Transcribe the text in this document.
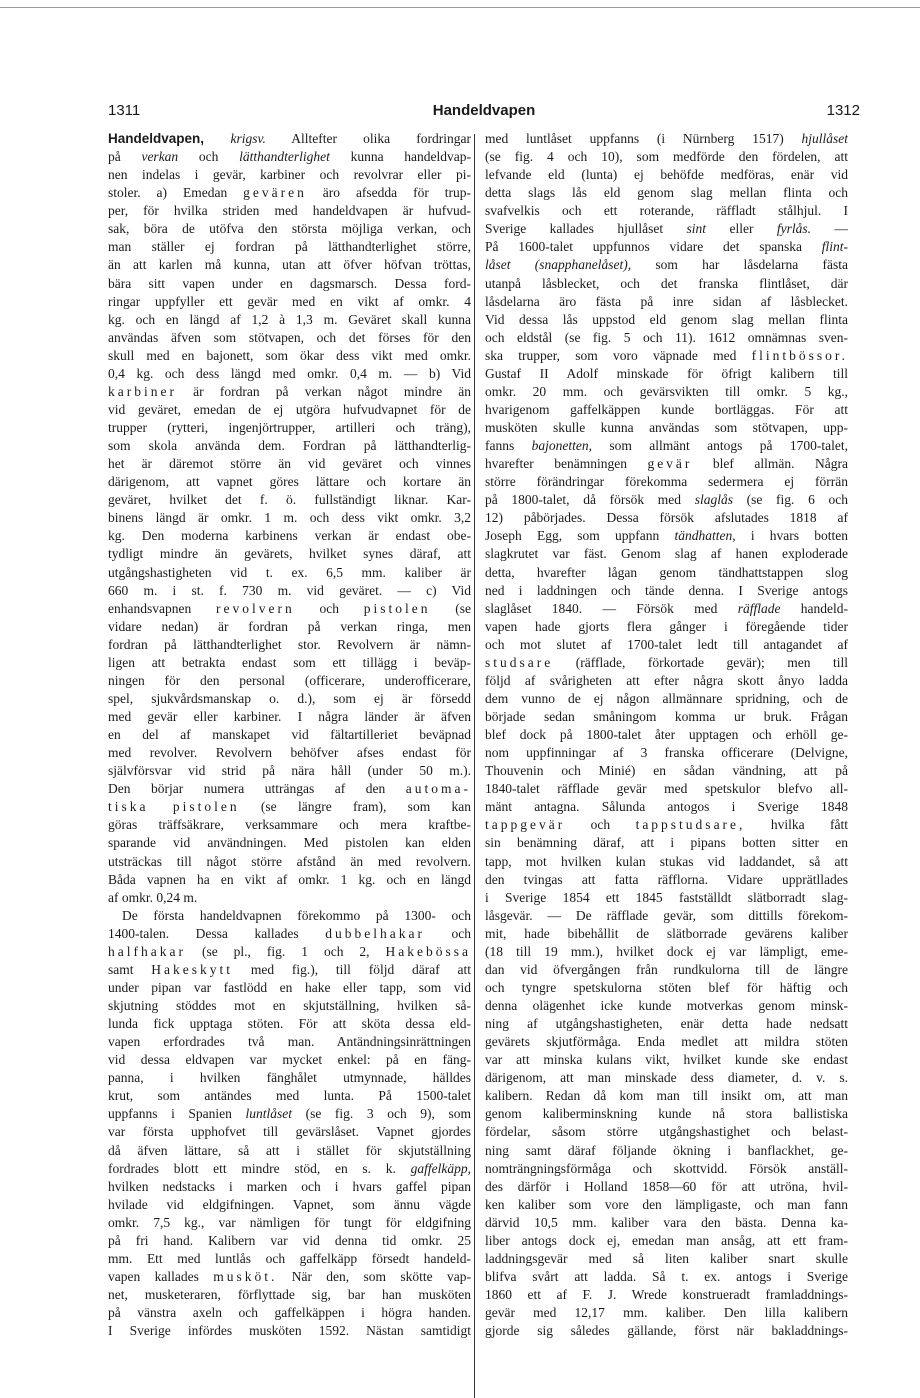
1311	Handeldvapen	1312
Handeldvapen, krigsv. Alltefter olika fordringar
på verkan och lätthandterlighet kunna handeldvap-
nen indelas i gevär, karbiner och revolvrar eller pi-
stoler. a) Emedan gevären äro afsedda för trup-
per, för hvilka striden med handeldvapen är hufvud-
sak, böra de utöfva den största möjliga verkan, och
man ställer ej fordran på lätthandterlighet större,
än att karlen må kunna, utan att öfver höfvan tröttas,
bära sitt vapen under en dagsmarsch. Dessa ford-
ringar uppfyller ett gevär med en vikt af omkr. 4
kg. och en längd af 1,2 à 1,3 m. Geväret skall kunna
användas äfven som stötvapen, och det förses för den
skull med en bajonett, som ökar dess vikt med omkr.
0,4 kg. och dess längd med omkr. 0,4 m. — b) Vid
karbiner är fordran på verkan något mindre än
vid geväret, emedan de ej utgöra hufvudvapnet för de
trupper (rytteri, ingenjörtrupper, artilleri och träng),
som skola använda dem. Fordran på lätthandterlig-
het är däremot större än vid geväret och vinnes
därigenom, att vapnet göres lättare och kortare än
geväret, hvilket det f. ö. fullständigt liknar. Kar-
binens längd är omkr. 1 m. och dess vikt omkr. 3,2
kg. Den moderna karbinens verkan är endast obe-
tydligt mindre än gevärets, hvilket synes däraf, att
utgångshastigheten vid t. ex. 6,5 mm. kaliber är
660 m. i st. f. 730 m. vid geväret. — c) Vid
enhandsvapnen revolvern och pistolen (se
vidare nedan) är fordran på verkan ringa, men
fordran på lätthandterlighet stor. Revolvern är nämn-
ligen att betrakta endast som ett tillägg i beväp-
ningen för den personal (officerare, underofficerare,
spel, sjukvårdsmanskap o. d.), som ej är försedd
med gevär eller karbiner. I några länder är äfven
en del af manskapet vid fältartilleriet beväpnad
med revolver. Revolvern behöfver afses endast för
självförsvar vid strid på nära håll (under 50 m.).
Den börjar numera utträngas af den automa-
tiska pistolen (se längre fram), som kan
göras träffsäkrare, verksammare och mera kraftbe-
sparande vid användningen. Med pistolen kan elden
utsträckas till något större afstånd än med revolvern.
Båda vapnen ha en vikt af omkr. 1 kg. och en längd
af omkr. 0,24 m.
De första handeldvapnen förekommo på 1300- och
1400-talen. Dessa kallades dubbelhakar och
halfhakar (se pl., fig. 1 och 2, Hakebössa
samt Hakeskytt med fig.), till följd däraf att
under pipan var fastlödd en hake eller tapp, som vid
skjutning stöddes mot en skjutställning, hvilken så-
lunda fick upptaga stöten. För att sköta dessa eld-
vapen erfordrades två man. Antändningsinrättningen
vid dessa eldvapen var mycket enkel: på en fäng-
panna, i hvilken fänghålet utmynnade, hälldes
krut, som antändes med lunta. På 1500-talet
uppfanns i Spanien luntlåset (se fig. 3 och 9), som
var första upphofvet till gevärslåset. Vapnet gjordes
då äfven lättare, så att i stället för skjutställning
fordrades blott ett mindre stöd, en s. k. gaffelkäpp,
hvilken nedstacks i marken och i hvars gaffel pipan
hvilade vid eldgifningen. Vapnet, som ännu vägde
omkr. 7,5 kg., var nämligen för tungt för eldgifning
på fri hand. Kalibern var vid denna tid omkr. 25
mm. Ett med luntlås och gaffelkäpp försedt handeld-
vapen kallades musköt. När den, som skötte vap-
net, musketeraren, förflyttade sig, bar han musköten
på vänstra axeln och gaffelkäppen i högra handen.
I Sverige infördes musköten 1592. Nästan samtidigt
med luntlåset uppfanns (i Nürnberg 1517) hjullåset
(se fig. 4 och 10), som medförde den fördelen, att
lefvande eld (lunta) ej behöfde medföras, enär vid
detta slags lås eld genom slag mellan flinta och
svafvelkis och ett roterande, räffladt stålhjul. I
Sverige kallades hjullåset sint eller fyrlås. —
På 1600-talet uppfunnos vidare det spanska flint-
låset (snapphanelåset), som har låsdelarna fästa
utanpå låsblecket, och det franska flintlåset, där
låsdelarna äro fästa på inre sidan af låsblecket.
Vid dessa lås uppstod eld genom slag mellan flinta
och eldstål (se fig. 5 och 11). 1612 omnämnas sven-
ska trupper, som voro väpnade med flintbössor.
Gustaf II Adolf minskade för öfrigt kalibern till
omkr. 20 mm. och gevärsvikten till omkr. 5 kg.,
hvarigenom gaffelkäppen kunde bortläggas. För att
musköten skulle kunna användas som stötvapen, upp-
fanns bajonetten, som allmänt antogs på 1700-talet,
hvarefter benämningen gevär blef allmän. Några
större förändringar förekomma sedermera ej förrän
på 1800-talet, då försök med slaglås (se fig. 6 och
12) påbörjades. Dessa försök afslutades 1818 af
Joseph Egg, som uppfann tändhatten, i hvars botten
slagkrutet var fäst. Genom slag af hanen exploderade
detta, hvarefter lågan genom tändhattstappen slog
ned i laddningen och tände denna. I Sverige antogs
slaglåset 1840. — Försök med räfflade handeld-
vapen hade gjorts flera gånger i föregående tider
och mot slutet af 1700-talet ledt till antagandet af
studsare (räfflade, förkortade gevär); men till
följd af svårigheten att efter några skott ånyo ladda
dem vunno de ej någon allmännare spridning, och de
började sedan småningom komma ur bruk. Frågan
blef dock på 1800-talet åter upptagen och erhöll ge-
nom uppfinningar af 3 franska officerare (Delvigne,
Thouvenin och Minié) en sådan vändning, att på
1840-talet räfflade gevär med spetskulor blefvo all-
mänt antagna. Sålunda antogos i Sverige 1848
tappgevär och tappstudsare, hvilka fått
sin benämning däraf, att i pipans botten sitter en
tapp, mot hvilken kulan stukas vid laddandet, så att
den tvingas att fatta räfflorna. Vidare upprätllades
i Sverige 1854 ett 1845 fastställdt slätborradt slag-
låsgevär. — De räfflade gevär, som dittills förekom-
mit, hade bibehållit de slätborrade gevärens kaliber
(18 till 19 mm.), hvilket dock ej var lämpligt, eme-
dan vid öfvergången från rundkulorna till de längre
och tyngre spetskulorna stöten blef för häftig och
denna olägenhet icke kunde motverkas genom minsk-
ning af utgångshastigheten, enär detta hade nedsatt
gevärets skjutförmåga. Enda medlet att mildra stöten
var att minska kulans vikt, hvilket kunde ske endast
därigenom, att man minskade dess diameter, d. v. s.
kalibern. Redan då kom man till insikt om, att man
genom kaliberminskning kunde nå stora ballistiska
fördelar, såsom större utgångshastighet och belast-
ning samt däraf följande ökning i banflackhet, ge-
nomträngningsförmåga och skottvidd. Försök anställ-
des därför i Holland 1858—60 för att utröna, hvil-
ken kaliber som vore den lämpligaste, och man fann
därvid 10,5 mm. kaliber vara den bästa. Denna ka-
liber antogs dock ej, emedan man ansåg, att ett fram-
laddningsgevär med så liten kaliber snart skulle
blifva svårt att ladda. Så t. ex. antogs i Sverige
1860 ett af F. J. Wrede konstrueradt framladdnings-
gevär med 12,17 mm. kaliber. Den lilla kalibern
gjorde sig således gällande, först när bakladdnings-
